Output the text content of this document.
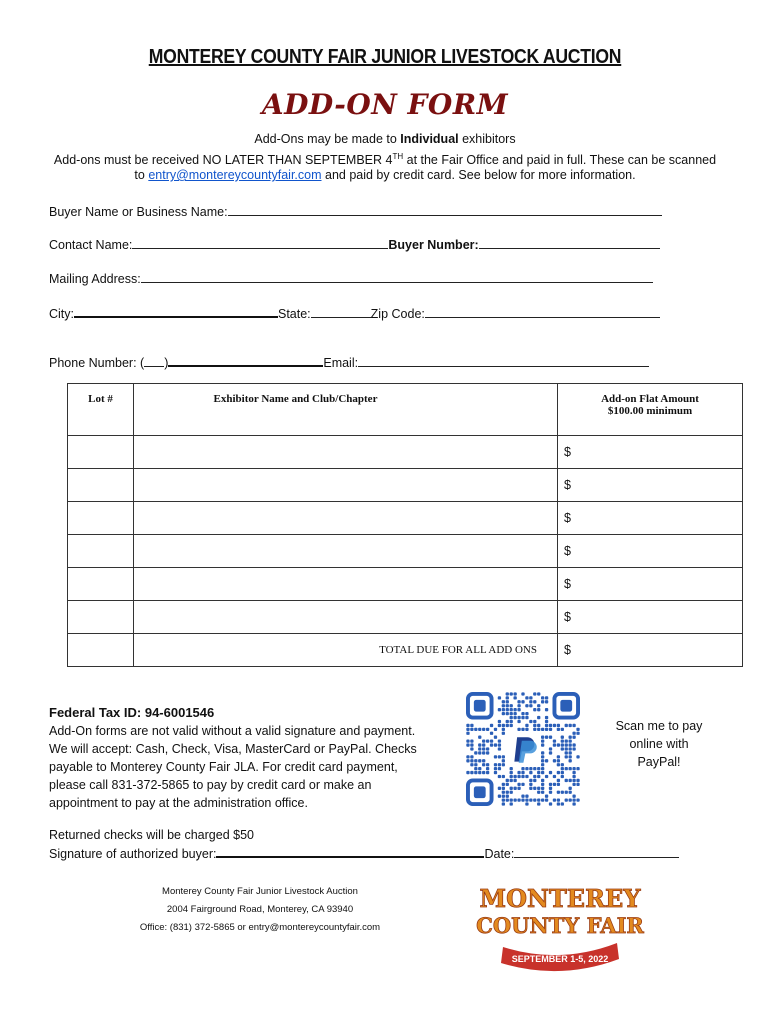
MONTEREY COUNTY FAIR JUNIOR LIVESTOCK AUCTION
ADD-ON FORM
Add-Ons may be made to Individual exhibitors
Add-ons must be received NO LATER THAN SEPTEMBER 4TH at the Fair Office and paid in full. These can be scanned
to entry@montereycountyfair.com and paid by credit card. See below for more information.
Buyer Name or Business Name:
Contact Name:	Buyer Number:
Mailing Address:
City:	State:	Zip Code:
Phone Number: ( )	Email:
Lot #	Exhibitor Name and Club/Chapter	Add-on Flat Amount
$100.00 minimum

		$
		$
		$
		$
		$
		$
	TOTAL DUE FOR ALL ADD ONS	$
Federal Tax ID: 94-6001546
Add-On forms are not valid without a valid signature and payment.
We will accept: Cash, Check, Visa, MasterCard or PayPal. Checks
payable to Monterey County Fair JLA. For credit card payment,
please call 831-372-5865 to pay by credit card or make an
appointment to pay at the administration office.
Scan me to pay
online with
PayPal!
Returned checks will be charged $50
Signature of authorized buyer:	Date:
Monterey County Fair Junior Livestock Auction
2004 Fairground Road, Monterey, CA 93940
Office: (831) 372-5865 or entry@montereycountyfair.com
MONTEREY
COUNTY FAIR
SEPTEMBER 1-5, 2022
